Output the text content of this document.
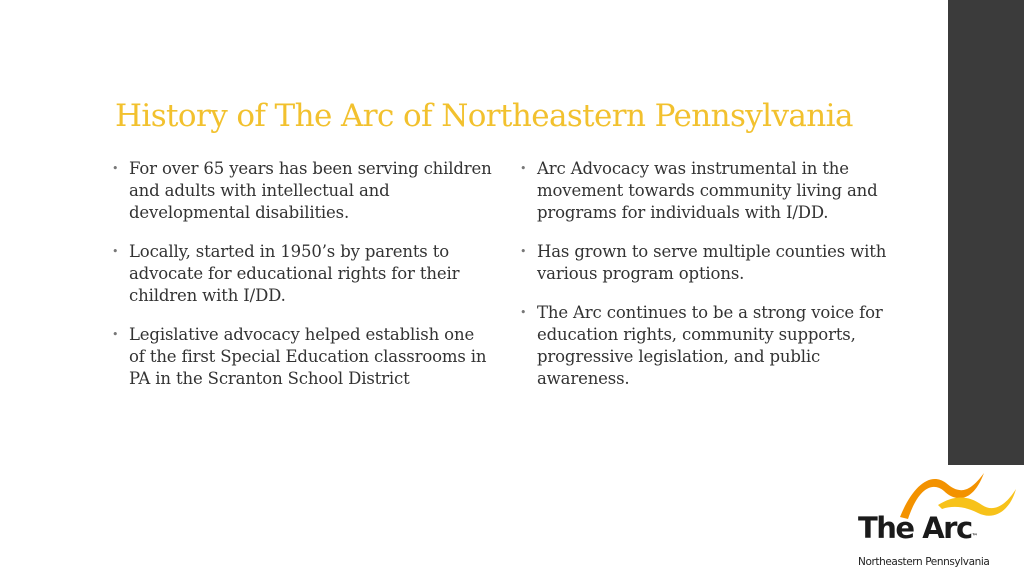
History of The Arc of Northeastern Pennsylvania
• For over 65 years has been serving children and adults with intellectual and developmental disabilities.
• Locally, started in 1950’s by parents to advocate for educational rights for their children with I/DD.
• Legislative advocacy helped establish one of the first Special Education classrooms in PA in the Scranton School District
• Arc Advocacy was instrumental in the movement towards community living and programs for individuals with I/DD.
• Has grown to serve multiple counties with various program options.
• The Arc continues to be a strong voice for education rights, community supports, progressive legislation, and public awareness.
The Arc™
Northeastern Pennsylvania
